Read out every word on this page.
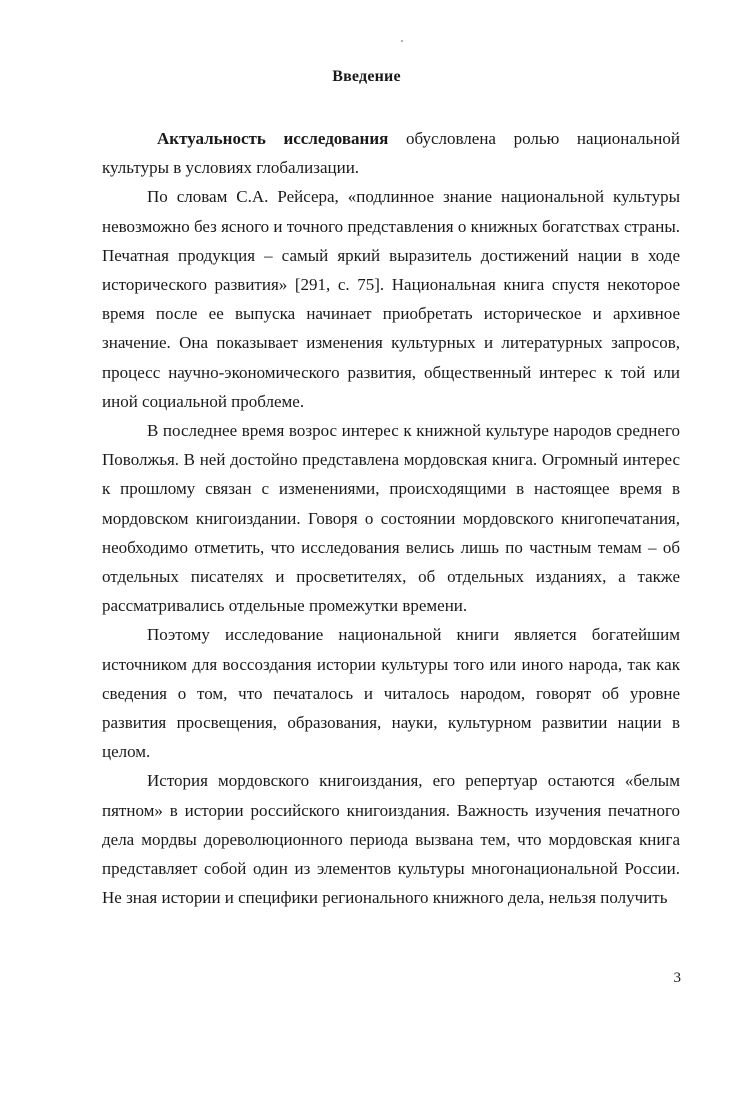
Введение

Актуальность исследования обусловлена ролью национальной культуры в условиях глобализации.

По словам С.А. Рейсера, «подлинное знание национальной культуры невозможно без ясного и точного представления о книжных богатствах страны. Печатная продукция – самый яркий выразитель достижений нации в ходе исторического развития» [291, с. 75]. Национальная книга спустя некоторое время после ее выпуска начинает приобретать историческое и архивное значение. Она показывает изменения культурных и литературных запросов, процесс научно-экономического развития, общественный интерес к той или иной социальной проблеме.

В последнее время возрос интерес к книжной культуре народов среднего Поволжья. В ней достойно представлена мордовская книга. Огромный интерес к прошлому связан с изменениями, происходящими в настоящее время в мордовском книгоиздании. Говоря о состоянии мордовского книгопечатания, необходимо отметить, что исследования велись лишь по частным темам – об отдельных писателях и просветителях, об отдельных изданиях, а также рассматривались отдельные промежутки времени.

Поэтому исследование национальной книги является богатейшим источником для воссоздания истории культуры того или иного народа, так как сведения о том, что печаталось и читалось народом, говорят об уровне развития просвещения, образования, науки, культурном развитии нации в целом.

История мордовского книгоиздания, его репертуар остаются «белым пятном» в истории российского книгоиздания. Важность изучения печатного дела мордвы дореволюционного периода вызвана тем, что мордовская книга представляет собой один из элементов культуры многонациональной России. Не зная истории и специфики регионального книжного дела, нельзя получить

3
